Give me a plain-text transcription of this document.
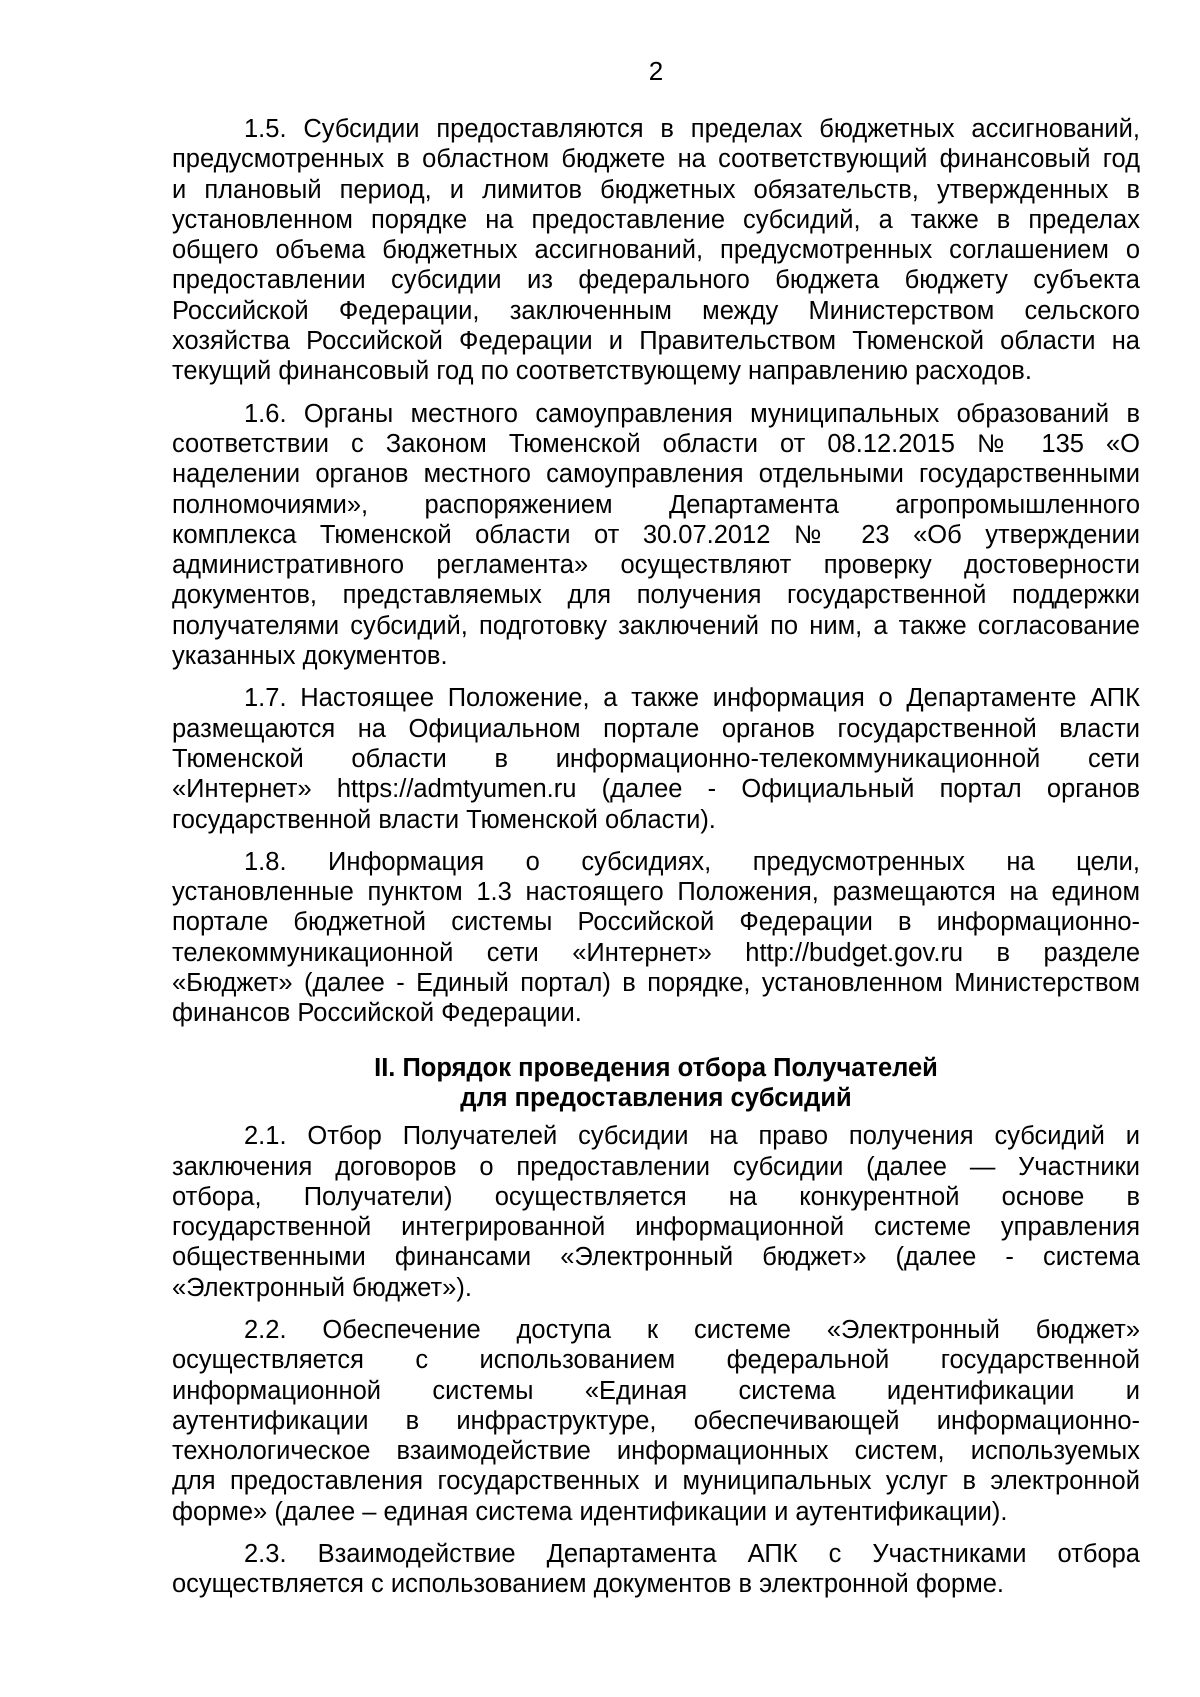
2
1.5. Субсидии предоставляются в пределах бюджетных ассигнований,
предусмотренных в областном бюджете на соответствующий финансовый год
и плановый период, и лимитов бюджетных обязательств, утвержденных в
установленном порядке на предоставление субсидий, а также в пределах
общего объема бюджетных ассигнований, предусмотренных соглашением о
предоставлении субсидии из федерального бюджета бюджету субъекта
Российской Федерации, заключенным между Министерством сельского
хозяйства Российской Федерации и Правительством Тюменской области на
текущий финансовый год по соответствующему направлению расходов.
1.6. Органы местного самоуправления муниципальных образований в
соответствии с Законом Тюменской области от 08.12.2015 № 135 «О
наделении органов местного самоуправления отдельными государственными
полномочиями», распоряжением Департамента агропромышленного
комплекса Тюменской области от 30.07.2012 № 23 «Об утверждении
административного регламента» осуществляют проверку достоверности
документов, представляемых для получения государственной поддержки
получателями субсидий, подготовку заключений по ним, а также согласование
указанных документов.
1.7. Настоящее Положение, а также информация о Департаменте АПК
размещаются на Официальном портале органов государственной власти
Тюменской области в информационно-телекоммуникационной сети
«Интернет» https://admtyumen.ru (далее - Официальный портал органов
государственной власти Тюменской области).
1.8. Информация о субсидиях, предусмотренных на цели,
установленные пунктом 1.3 настоящего Положения, размещаются на едином
портале бюджетной системы Российской Федерации в информационно-
телекоммуникационной сети «Интернет» http://budget.gov.ru в разделе
«Бюджет» (далее - Единый портал) в порядке, установленном Министерством
финансов Российской Федерации.
II. Порядок проведения отбора Получателей
для предоставления субсидий
2.1. Отбор Получателей субсидии на право получения субсидий и
заключения договоров о предоставлении субсидии (далее — Участники
отбора, Получатели) осуществляется на конкурентной основе в
государственной интегрированной информационной системе управления
общественными финансами «Электронный бюджет» (далее - система
«Электронный бюджет»).
2.2. Обеспечение доступа к системе «Электронный бюджет»
осуществляется с использованием федеральной государственной
информационной системы «Единая система идентификации и
аутентификации в инфраструктуре, обеспечивающей информационно-
технологическое взаимодействие информационных систем, используемых
для предоставления государственных и муниципальных услуг в электронной
форме» (далее – единая система идентификации и аутентификации).
2.3. Взаимодействие Департамента АПК с Участниками отбора
осуществляется с использованием документов в электронной форме.
